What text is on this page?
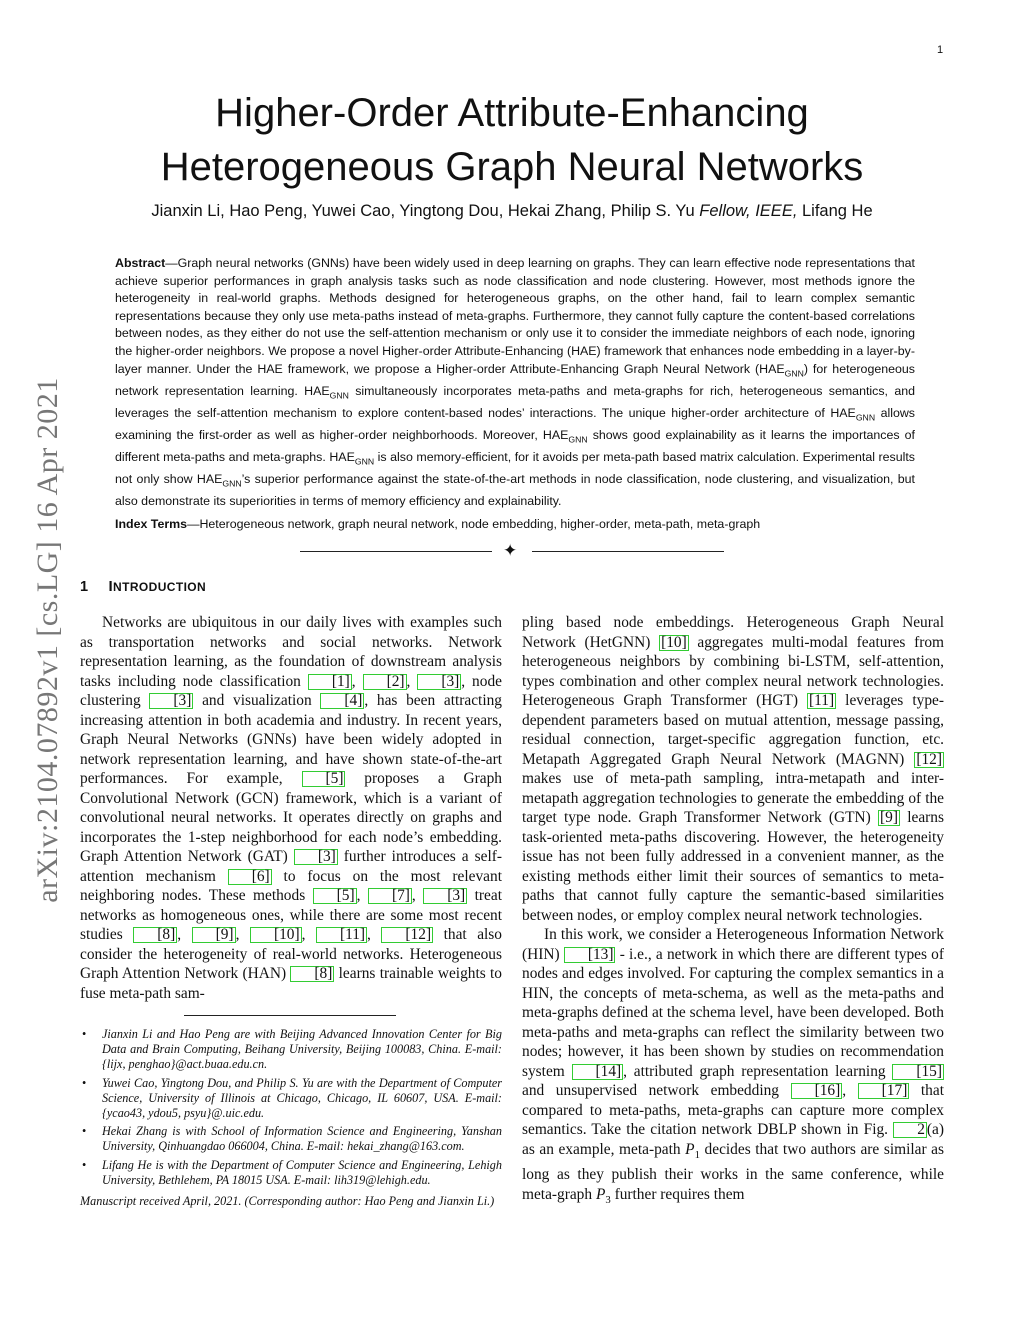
1
Higher-Order Attribute-Enhancing
Heterogeneous Graph Neural Networks
Jianxin Li, Hao Peng, Yuwei Cao, Yingtong Dou, Hekai Zhang, Philip S. Yu Fellow, IEEE, Lifang He
arXiv:2104.07892v1 [cs.LG] 16 Apr 2021
Abstract—Graph neural networks (GNNs) have been widely used in deep learning on graphs. They can learn effective node representations that achieve superior performances in graph analysis tasks such as node classification and node clustering. However, most methods ignore the heterogeneity in real-world graphs. Methods designed for heterogeneous graphs, on the other hand, fail to learn complex semantic representations because they only use meta-paths instead of meta-graphs. Furthermore, they cannot fully capture the content-based correlations between nodes, as they either do not use the self-attention mechanism or only use it to consider the immediate neighbors of each node, ignoring the higher-order neighbors. We propose a novel Higher-order Attribute-Enhancing (HAE) framework that enhances node embedding in a layer-by-layer manner. Under the HAE framework, we propose a Higher-order Attribute-Enhancing Graph Neural Network $(HAE_{GNN})$ for heterogeneous network representation learning. $HAE_{GNN}$ simultaneously incorporates meta-paths and meta-graphs for rich, heterogeneous semantics, and leverages the self-attention mechanism to explore content-based nodes’ interactions. The unique higher-order architecture of $HAE_{GNN}$ allows examining the first-order as well as higher-order neighborhoods. Moreover, $HAE_{GNN}$ shows good explainability as it learns the importances of different meta-paths and meta-graphs. $HAE_{GNN}$ is also memory-efficient, for it avoids per meta-path based matrix calculation. Experimental results not only show $HAE_{GNN}’s$ superior performance against the state-of-the-art methods in node classification, node clustering, and visualization, but also demonstrate its superiorities in terms of memory efficiency and explainability.
Index Terms—Heterogeneous network, graph neural network, node embedding, higher-order, meta-path, meta-graph
✦
1 INTRODUCTION

Networks are ubiquitous in our daily lives with examples such as transportation networks and social networks. Network representation learning, as the foundation of downstream analysis tasks including node classification [1] , [2] , [3] , node clustering [3] and visualization [4] , has been attracting increasing attention in both academia and industry. In recent years, Graph Neural Networks (GNNs) have been widely adopted in network representation learning, and have shown state-of-the-art performances. For example, [5] proposes a Graph Convolutional Network (GCN) framework, which is a variant of convolutional neural networks. It operates directly on graphs and incorporates the 1-step neighborhood for each node’s embedding. Graph Attention Network (GAT) [3] further introduces a self-attention mechanism [6] to focus on the most relevant neighboring nodes. These methods [5] , [7] , [3] treat networks as homogeneous ones, while there are some most recent studies [8] , [9] , [10] , [11] , [12] that also consider the heterogeneity of real-world networks. Heterogeneous Graph Attention Network (HAN) [8] learns trainable weights to fuse meta-path sam-

• Jianxin Li and Hao Peng are with Beijing Advanced Innovation Center for Big Data and Brain Computing, Beihang University, Beijing 100083, China. E-mail: {lijx, penghao}@act.buaa.edu.cn.
• Yuwei Cao, Yingtong Dou, and Philip S. Yu are with the Department of Computer Science, University of Illinois at Chicago, Chicago, IL 60607, USA. E-mail:{ycao43, ydou5, psyu}@.uic.edu.
• Hekai Zhang is with School of Information Science and Engineering, Yanshan University, Qinhuangdao 066004, China. E-mail: hekai_zhang@163.com.
• Lifang He is with the Department of Computer Science and Engineering, Lehigh University, Bethlehem, PA 18015 USA. E-mail: lih319@lehigh.edu.
Manuscript received April, 2021. (Corresponding author: Hao Peng and Jianxin Li.)

pling based node embeddings. Heterogeneous Graph Neural Network (HetGNN) [10] aggregates multi-modal features from heterogeneous neighbors by combining bi-LSTM, self-attention, types combination and other complex neural network technologies. Heterogeneous Graph Transformer (HGT) [11] leverages type-dependent parameters based on mutual attention, message passing, residual connection, target-specific aggregation function, etc. Metapath Aggregated Graph Neural Network (MAGNN) [12] makes use of meta-path sampling, intra-metapath and inter-metapath aggregation technologies to generate the embedding of the target type node. Graph Transformer Network (GTN) [9] learns task-oriented meta-paths discovering. However, the heterogeneity issue has not been fully addressed in a convenient manner, as the existing methods either limit their sources of semantics to meta-paths that cannot fully capture the semantic-based similarities between nodes, or employ complex neural network technologies.

In this work, we consider a Heterogeneous Information Network (HIN) [13] - i.e., a network in which there are different types of nodes and edges involved. For capturing the complex semantics in a HIN, the concepts of meta-schema, as well as the meta-paths and meta-graphs defined at the schema level, have been developed. Both meta-paths and meta-graphs can reflect the similarity between two nodes; however, it has been shown by studies on recommendation system [14] , attributed graph representation learning [15] and unsupervised network embedding [16] , [17] that compared to meta-paths, meta-graphs can capture more complex semantics. Take the citation network DBLP shown in Fig. 2 (a) as an example, meta-path $P_1$ decides that two authors are similar as long as they publish their works in the same conference, while meta-graph $P_3$ further requires them
